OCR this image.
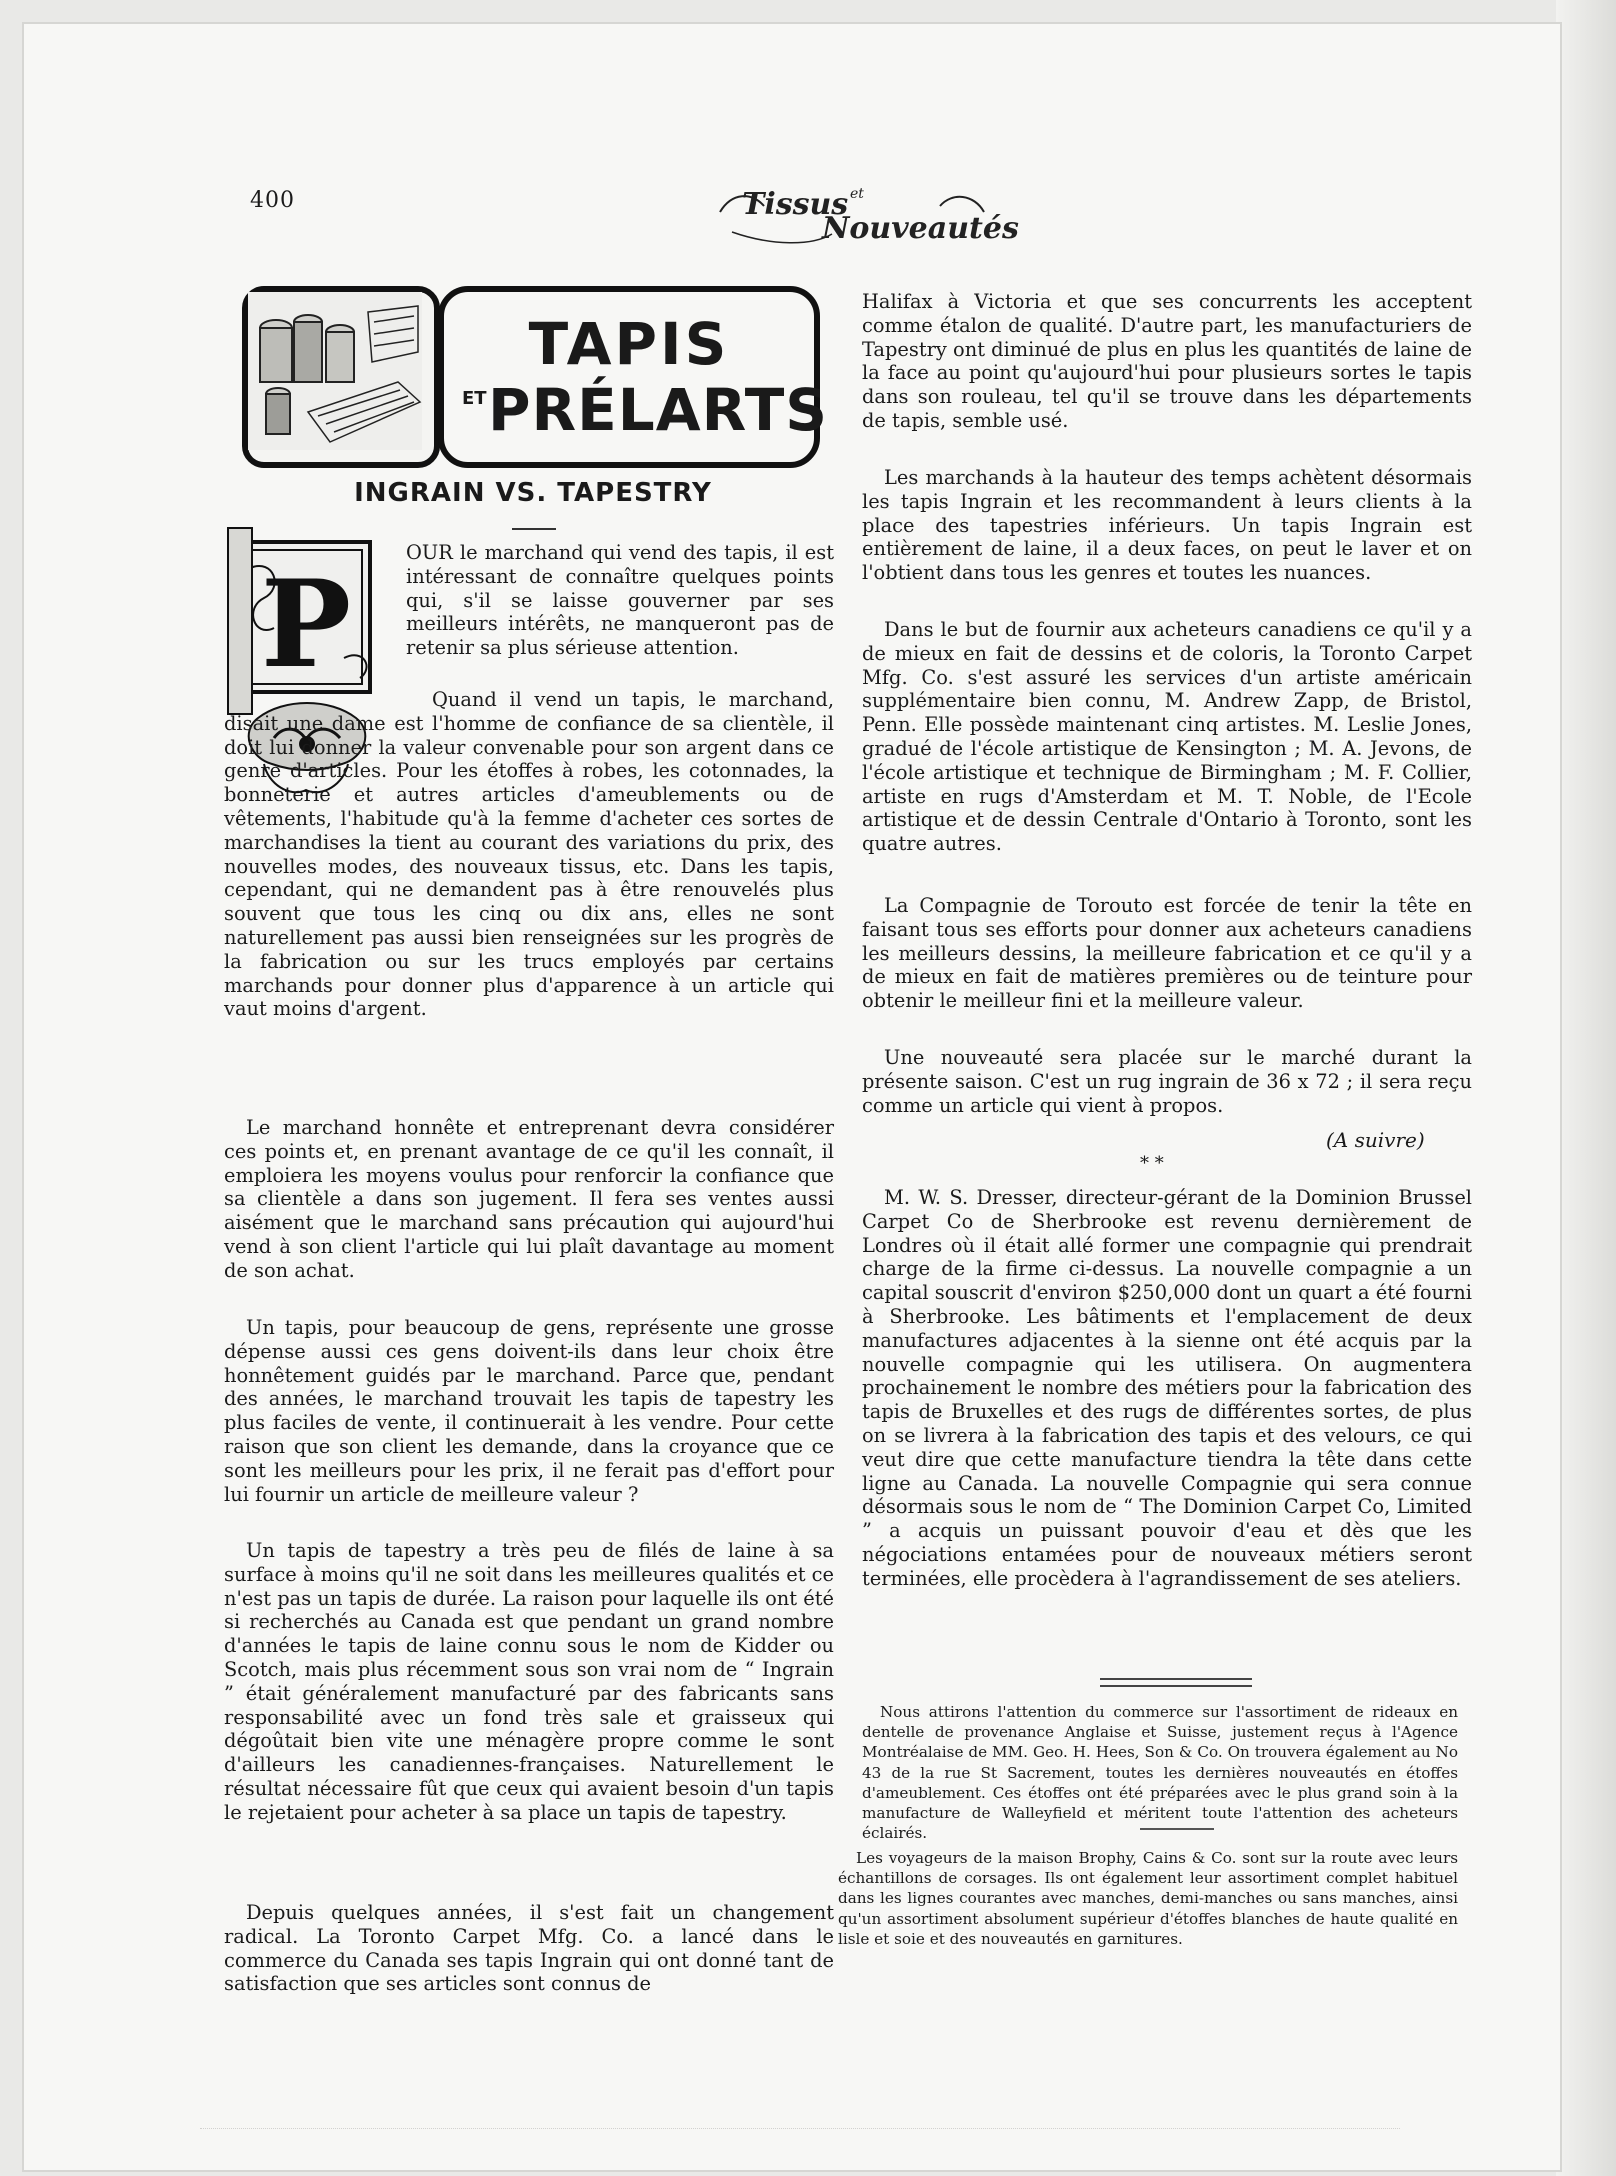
400	Tissus et
Nouveautés
TAPIS
ET PRÉLARTS
INGRAIN VS. TAPESTRY
P

OUR le marchand qui vend des tapis, il est intéressant de connaître quelques points qui, s'il se laisse gouverner par ses meilleurs intérêts, ne manqueront pas de retenir sa plus sérieuse attention.

Quand il vend un tapis, le marchand, disait une dame est l'homme de confiance de sa clientèle, il doit lui donner la valeur convenable pour son argent dans ce genre d'articles. Pour les étoffes à robes, les cotonnades, la bonneterie et autres articles d'ameublements ou de vêtements, l'habitude qu'à la femme d'acheter ces sortes de marchandises la tient au courant des variations du prix, des nouvelles modes, des nouveaux tissus, etc. Dans les tapis, cependant, qui ne demandent pas à être renouvelés plus souvent que tous les cinq ou dix ans, elles ne sont naturellement pas aussi bien renseignées sur les progrès de la fabrication ou sur les trucs employés par certains marchands pour donner plus d'apparence à un article qui vaut moins d'argent.

Le marchand honnête et entreprenant devra considérer ces points et, en prenant avantage de ce qu'il les connaît, il emploiera les moyens voulus pour renforcir la confiance que sa clientèle a dans son jugement. Il fera ses ventes aussi aisément que le marchand sans précaution qui aujourd'hui vend à son client l'article qui lui plaît davantage au moment de son achat.

Un tapis, pour beaucoup de gens, représente une grosse dépense aussi ces gens doivent-ils dans leur choix être honnêtement guidés par le marchand. Parce que, pendant des années, le marchand trouvait les tapis de tapestry les plus faciles de vente, il continuerait à les vendre. Pour cette raison que son client les demande, dans la croyance que ce sont les meilleurs pour les prix, il ne ferait pas d'effort pour lui fournir un article de meilleure valeur ?

Un tapis de tapestry a très peu de filés de laine à sa surface à moins qu'il ne soit dans les meilleures qualités et ce n'est pas un tapis de durée. La raison pour laquelle ils ont été si recherchés au Canada est que pendant un grand nombre d'années le tapis de laine connu sous le nom de Kidder ou Scotch, mais plus récemment sous son vrai nom de “ Ingrain ” était généralement manufacturé par des fabricants sans responsabilité avec un fond très sale et graisseux qui dégoûtait bien vite une ménagère propre comme le sont d'ailleurs les canadiennes-françaises. Naturellement le résultat nécessaire fût que ceux qui avaient besoin d'un tapis le rejetaient pour acheter à sa place un tapis de tapestry.

Depuis quelques années, il s'est fait un changement radical. La Toronto Carpet Mfg. Co. a lancé dans le commerce du Canada ses tapis Ingrain qui ont donné tant de satisfaction que ses articles sont connus de

Halifax à Victoria et que ses concurrents les acceptent comme étalon de qualité. D'autre part, les manufacturiers de Tapestry ont diminué de plus en plus les quantités de laine de la face au point qu'aujourd'hui pour plusieurs sortes le tapis dans son rouleau, tel qu'il se trouve dans les départements de tapis, semble usé.

Les marchands à la hauteur des temps achètent désormais les tapis Ingrain et les recommandent à leurs clients à la place des tapestries inférieurs. Un tapis Ingrain est entièrement de laine, il a deux faces, on peut le laver et on l'obtient dans tous les genres et toutes les nuances.

Dans le but de fournir aux acheteurs canadiens ce qu'il y a de mieux en fait de dessins et de coloris, la Toronto Carpet Mfg. Co. s'est assuré les services d'un artiste américain supplémentaire bien connu, M. Andrew Zapp, de Bristol, Penn. Elle possède maintenant cinq artistes. M. Leslie Jones, gradué de l'école artistique de Kensington ; M. A. Jevons, de l'école artistique et technique de Birmingham ; M. F. Collier, artiste en rugs d'Amsterdam et M. T. Noble, de l'Ecole artistique et de dessin Centrale d'Ontario à Toronto, sont les quatre autres.

La Compagnie de Torouto est forcée de tenir la tête en faisant tous ses efforts pour donner aux acheteurs canadiens les meilleurs dessins, la meilleure fabrication et ce qu'il y a de mieux en fait de matières premières ou de teinture pour obtenir le meilleur fini et la meilleure valeur.

Une nouveauté sera placée sur le marché durant la présente saison. C'est un rug ingrain de 36 x 72 ; il sera reçu comme un article qui vient à propos.

(A suivre)
* *

M. W. S. Dresser, directeur-gérant de la Dominion Brussel Carpet Co de Sherbrooke est revenu dernièrement de Londres où il était allé former une compagnie qui prendrait charge de la firme ci-dessus. La nouvelle compagnie a un capital souscrit d'environ $250,000 dont un quart a été fourni à Sherbrooke. Les bâtiments et l'emplacement de deux manufactures adjacentes à la sienne ont été acquis par la nouvelle compagnie qui les utilisera. On augmentera prochainement le nombre des métiers pour la fabrication des tapis de Bruxelles et des rugs de différentes sortes, de plus on se livrera à la fabrication des tapis et des velours, ce qui veut dire que cette manufacture tiendra la tête dans cette ligne au Canada. La nouvelle Compagnie qui sera connue désormais sous le nom de “ The Dominion Carpet Co, Limited ” a acquis un puissant pouvoir d'eau et dès que les négociations entamées pour de nouveaux métiers seront terminées, elle procèdera à l'agrandissement de ses ateliers.

Nous attirons l'attention du commerce sur l'assortiment de rideaux en dentelle de provenance Anglaise et Suisse, justement reçus à l'Agence Montréalaise de MM. Geo. H. Hees, Son & Co. On trouvera également au No 43 de la rue St Sacrement, toutes les dernières nouveautés en étoffes d'ameublement. Ces étoffes ont été préparées avec le plus grand soin à la manufacture de Walleyfield et méritent toute l'attention des acheteurs éclairés.

Les voyageurs de la maison Brophy, Cains & Co. sont sur la route avec leurs échantillons de corsages. Ils ont également leur assortiment complet habituel dans les lignes courantes avec manches, demi-manches ou sans manches, ainsi qu'un assortiment absolument supérieur d'étoffes blanches de haute qualité en lisle et soie et des nouveautés en garnitures.
